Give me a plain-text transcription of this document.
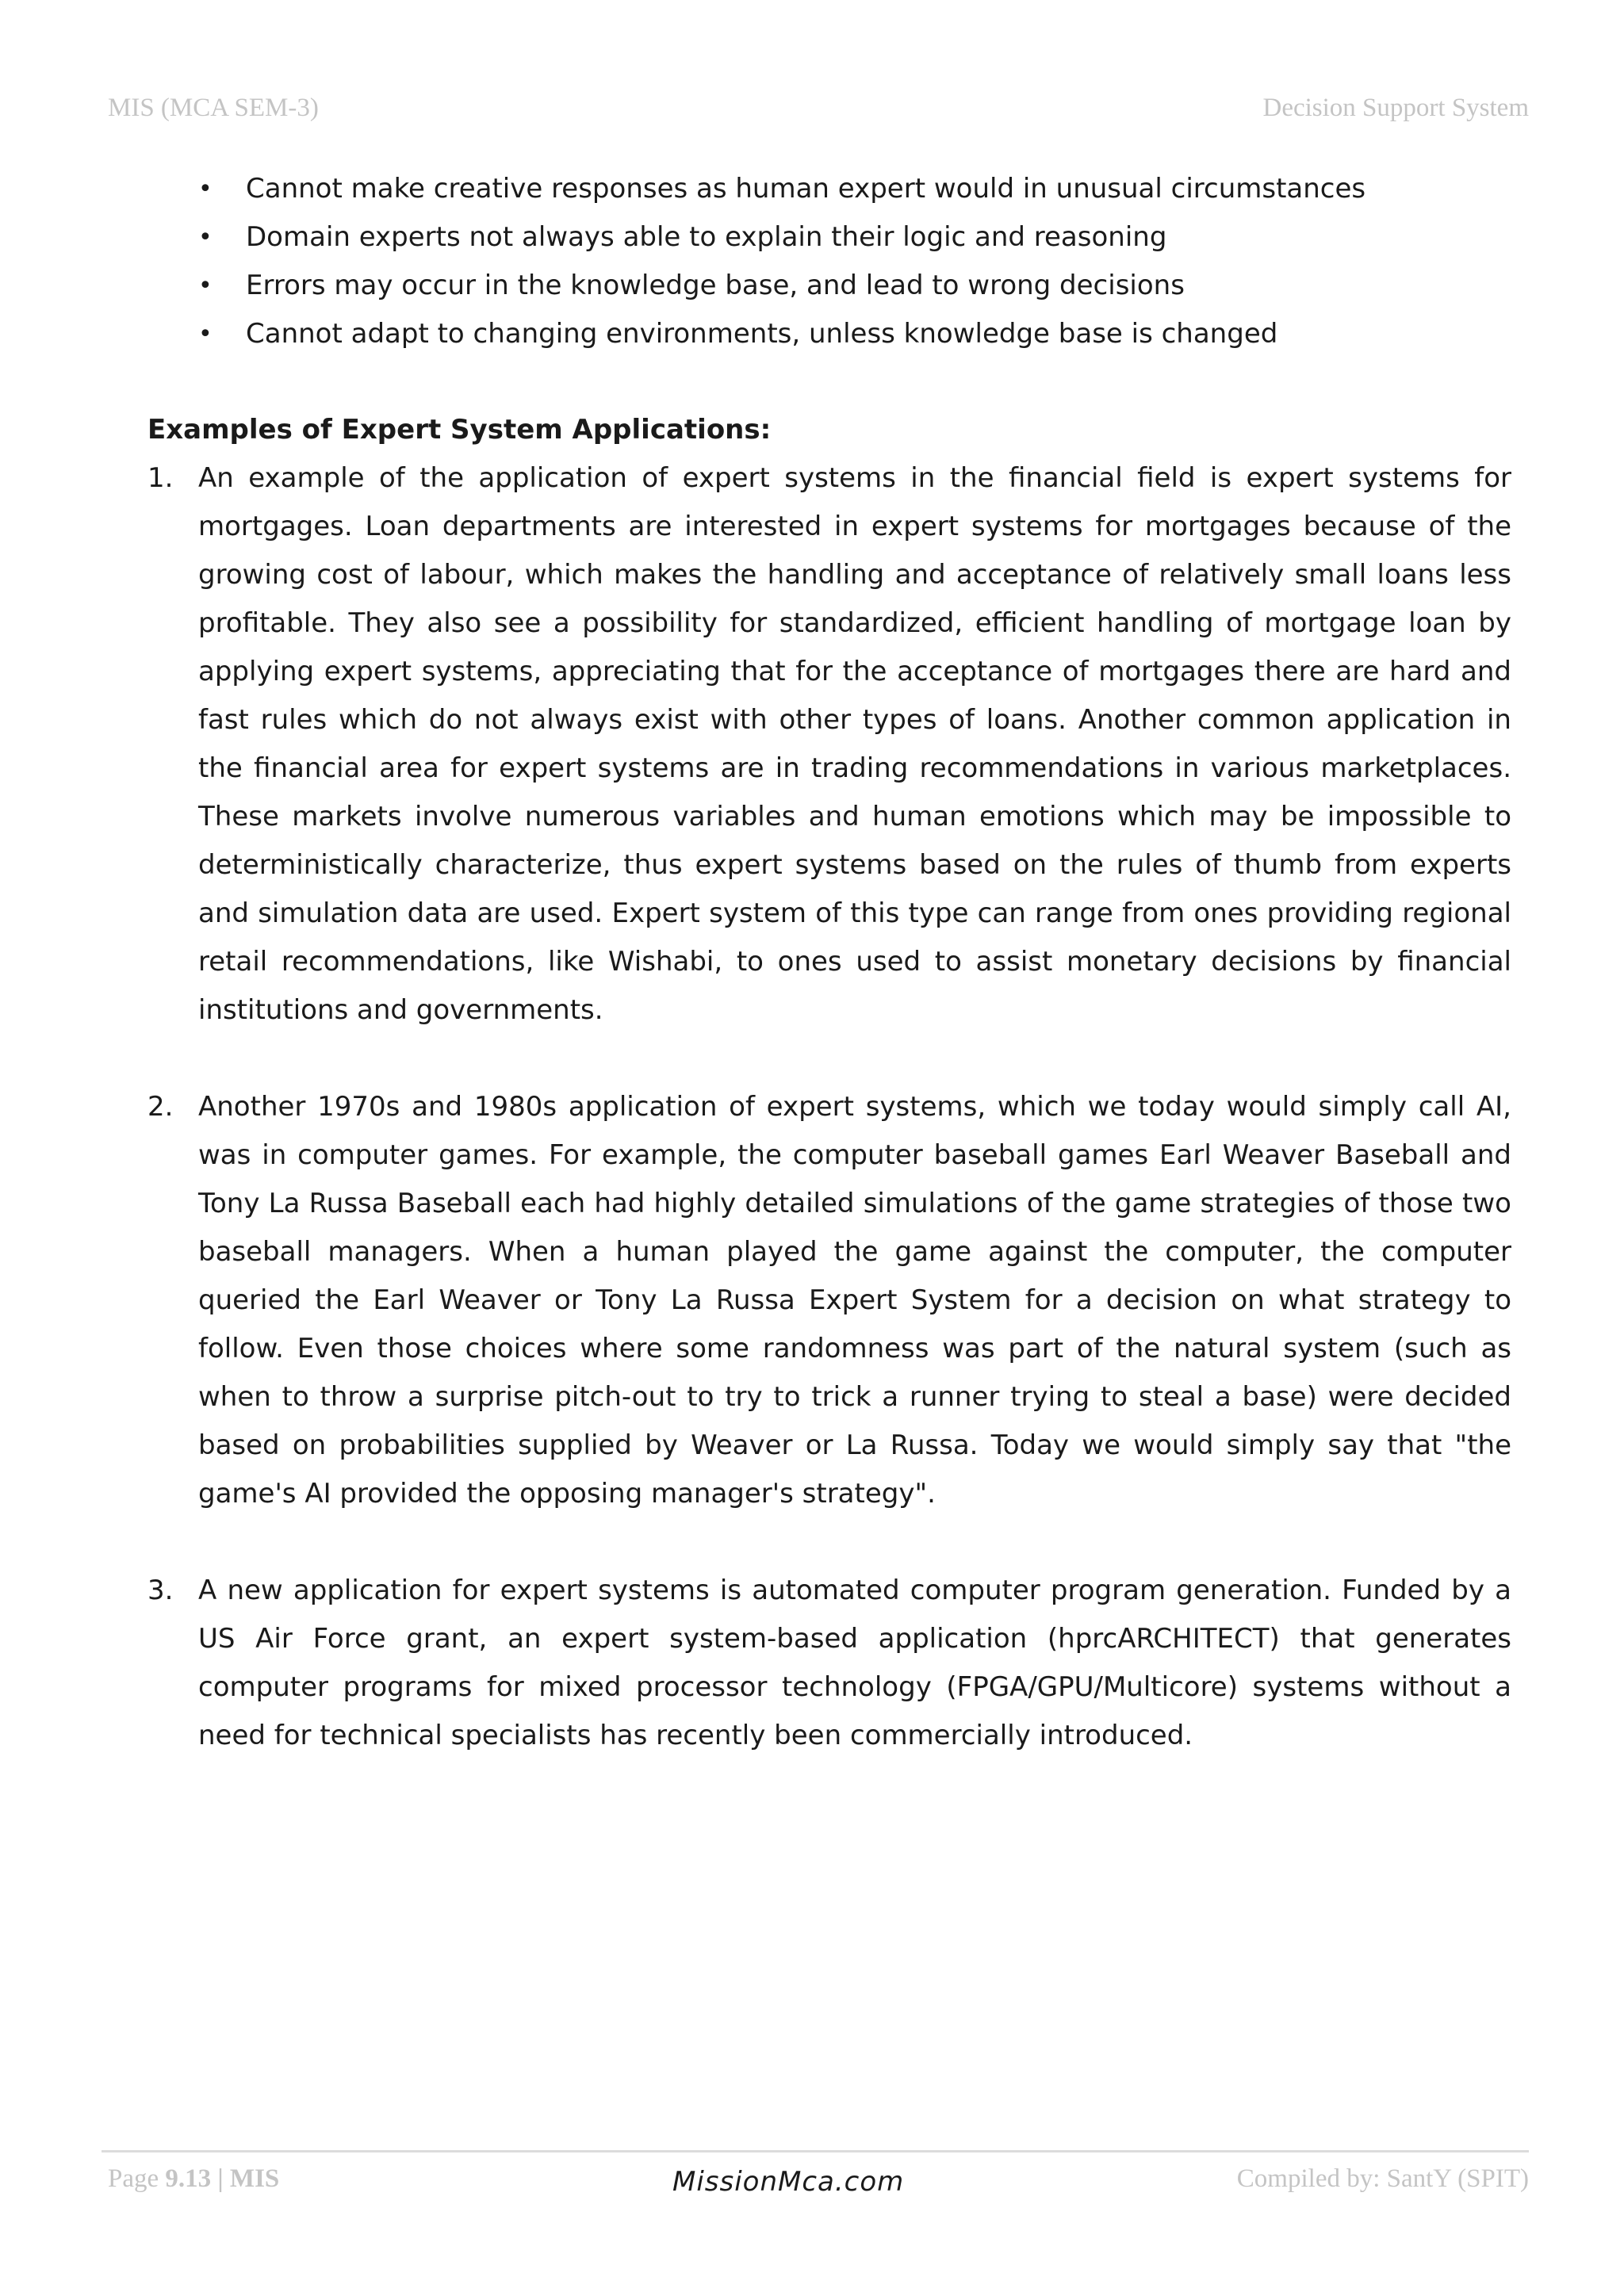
MIS (MCA SEM-3)	Decision Support System
• Cannot make creative responses as human expert would in unusual circumstances
• Domain experts not always able to explain their logic and reasoning
• Errors may occur in the knowledge base, and lead to wrong decisions
• Cannot adapt to changing environments, unless knowledge base is changed
Examples of Expert System Applications:
1. An example of the application of expert systems in the financial field is expert systems for mortgages. Loan departments are interested in expert systems for mortgages because of the growing cost of labour, which makes the handling and acceptance of relatively small loans less profitable. They also see a possibility for standardized, efficient handling of mortgage loan by applying expert systems, appreciating that for the acceptance of mortgages there are hard and fast rules which do not always exist with other types of loans. Another common application in the financial area for expert systems are in trading recommendations in various marketplaces. These markets involve numerous variables and human emotions which may be impossible to deterministically characterize, thus expert systems based on the rules of thumb from experts and simulation data are used. Expert system of this type can range from ones providing regional retail recommendations, like Wishabi, to ones used to assist monetary decisions by financial institutions and governments.
2. Another 1970s and 1980s application of expert systems, which we today would simply call AI, was in computer games. For example, the computer baseball games Earl Weaver Baseball and Tony La Russa Baseball each had highly detailed simulations of the game strategies of those two baseball managers. When a human played the game against the computer, the computer queried the Earl Weaver or Tony La Russa Expert System for a decision on what strategy to follow. Even those choices where some randomness was part of the natural system (such as when to throw a surprise pitch-out to try to trick a runner trying to steal a base) were decided based on probabilities supplied by Weaver or La Russa. Today we would simply say that "the game's AI provided the opposing manager's strategy".
3. A new application for expert systems is automated computer program generation. Funded by a US Air Force grant, an expert system-based application (hprcARCHITECT) that generates computer programs for mixed processor technology (FPGA/GPU/Multicore) systems without a need for technical specialists has recently been commercially introduced.
Page 9.13 | MIS	MissionMca.com	Compiled by: SantY (SPIT)
